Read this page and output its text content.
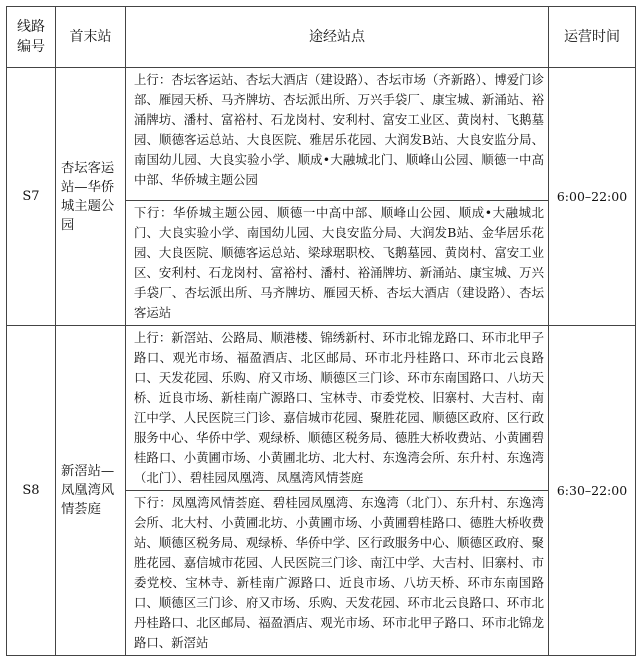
线路
编号	首末站	途经站点	运营时间
S7	杏坛客运站—华侨城主题公园	上行：杏坛客运站、杏坛大酒店（建设路）、杏坛市场（齐新路）、博爱门诊部、雁园天桥、马齐牌坊、杏坛派出所、万兴手袋厂、康宝城、新涌站、裕涌牌坊、潘村、富裕村、石龙岗村、安利村、富安工业区、黄岗村、飞鹅墓园、顺德客运总站、大良医院、雅居乐花园、大润发B站、大良安监分局、南国幼儿园、大良实验小学、顺成•大融城北门、顺峰山公园、顺德一中高中部、华侨城主题公园	6:00–22:00
		下行：华侨城主题公园、顺德一中高中部、顺峰山公园、顺成•大融城北门、大良实验小学、南国幼儿园、大良安监分局、大润发B站、金华居乐花园、大良医院、顺德客运总站、梁球琚职校、飞鹅墓园、黄岗村、富安工业区、安利村、石龙岗村、富裕村、潘村、裕涌牌坊、新涌站、康宝城、万兴手袋厂、杏坛派出所、马齐牌坊、雁园天桥、杏坛大酒店（建设路）、杏坛客运站	
S8	新滘站—凤凰湾风情荟庭	上行：新滘站、公路局、顺港楼、锦绣新村、环市北锦龙路口、环市北甲子路口、观光市场、福盈酒店、北区邮局、环市北丹桂路口、环市北云良路口、天发花园、乐购、府又市场、顺德区三门诊、环市东南国路口、八坊天桥、近良市场、新桂南广源路口、宝林寺、市委党校、旧寨村、大吉村、南江中学、人民医院三门诊、嘉信城市花园、聚胜花园、顺德区政府、区行政服务中心、华侨中学、观绿桥、顺德区税务局、德胜大桥收费站、小黄圃碧桂路口、小黄圃市场、小黄圃北坊、北大村、东逸湾会所、东升村、东逸湾（北门）、碧桂园凤凰湾、凤凰湾风情荟庭	6:30–22:00
		下行：凤凰湾风情荟庭、碧桂园凤凰湾、东逸湾（北门）、东升村、东逸湾会所、北大村、小黄圃北坊、小黄圃市场、小黄圃碧桂路口、德胜大桥收费站、顺德区税务局、观绿桥、华侨中学、区行政服务中心、顺德区政府、聚胜花园、嘉信城市花园、人民医院三门诊、南江中学、大吉村、旧寨村、市委党校、宝林寺、新桂南广源路口、近良市场、八坊天桥、环市东南国路口、顺德区三门诊、府又市场、乐购、天发花园、环市北云良路口、环市北丹桂路口、北区邮局、福盈酒店、观光市场、环市北甲子路口、环市北锦龙路口、新滘站	
